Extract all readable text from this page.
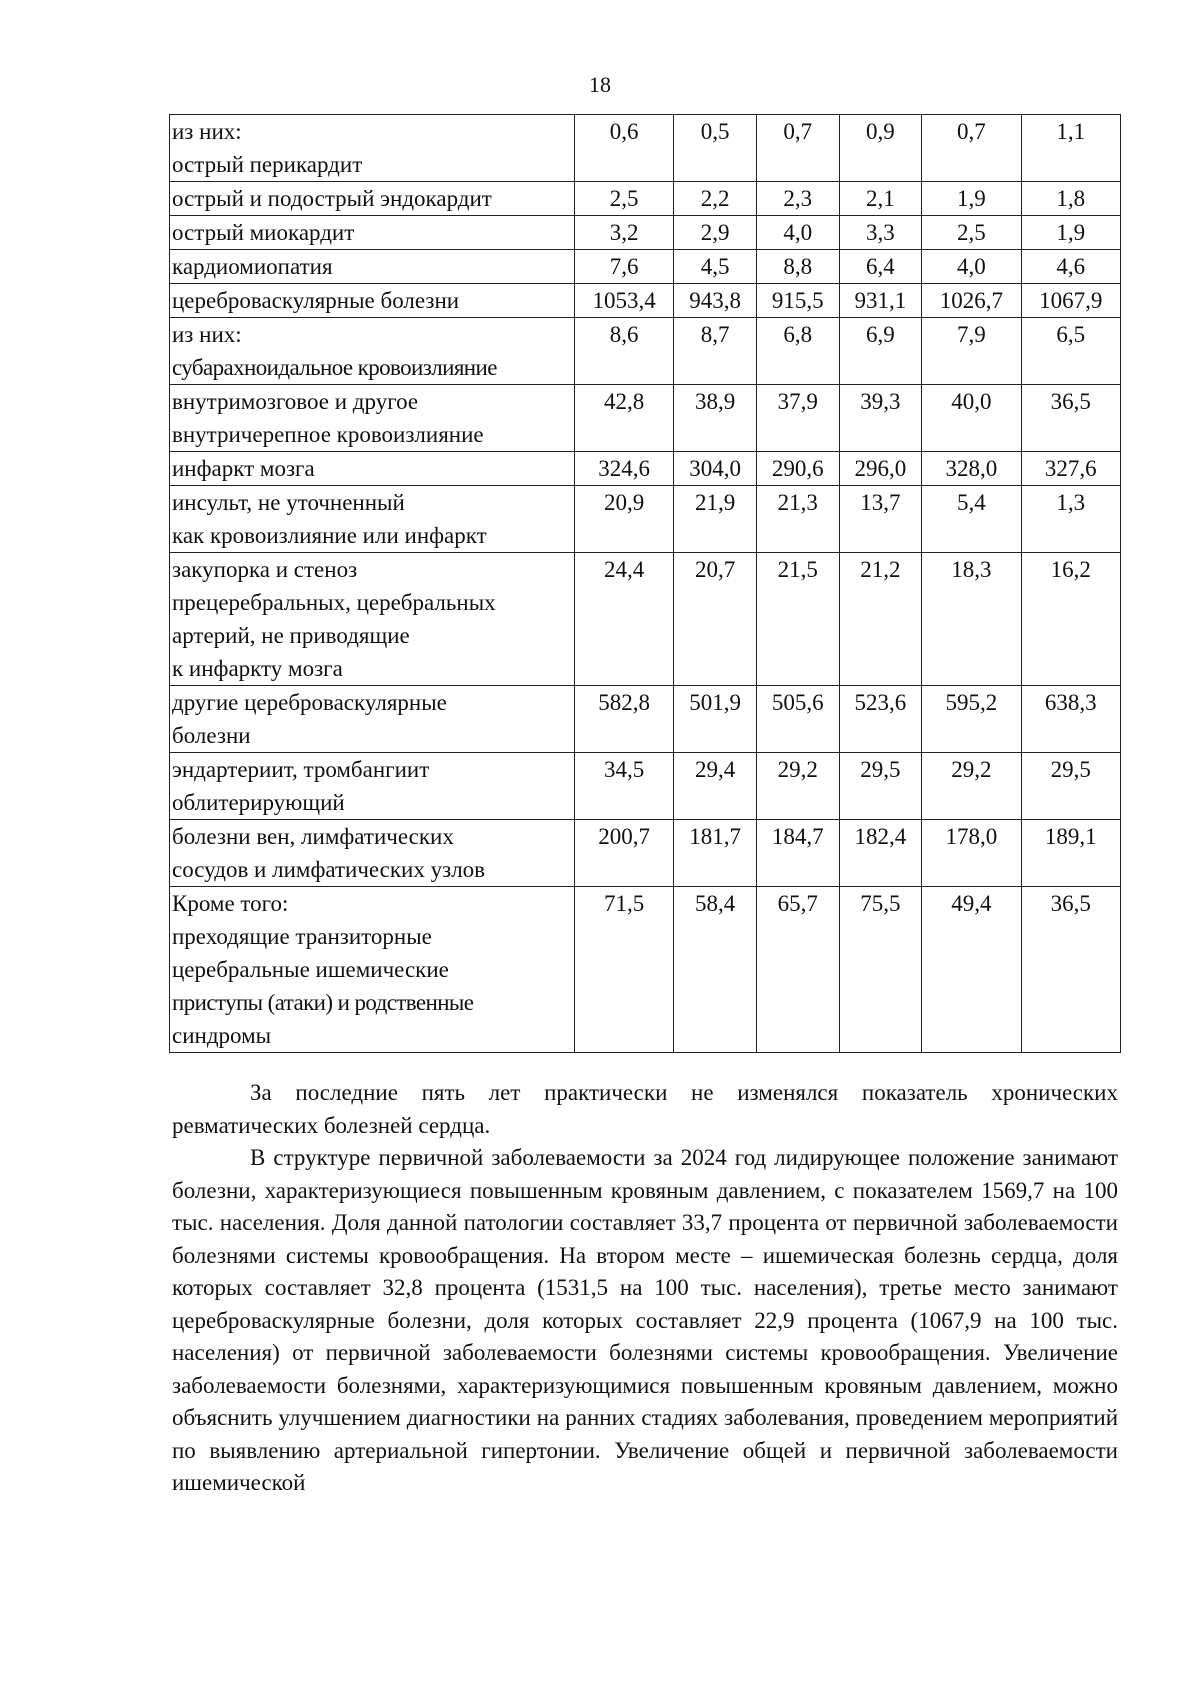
18
из них:
острый перикардит	0,6	0,5	0,7	0,9	0,7	1,1

острый и подострый эндокардит	2,5	2,2	2,3	2,1	1,9	1,8

острый миокардит	3,2	2,9	4,0	3,3	2,5	1,9

кардиомиопатия	7,6	4,5	8,8	6,4	4,0	4,6

цереброваскулярные болезни	1053,4	943,8	915,5	931,1	1026,7	1067,9

из них:
субарахноидальное кровоизлияние	8,6	8,7	6,8	6,9	7,9	6,5

внутримозговое и другое
внутричерепное кровоизлияние	42,8	38,9	37,9	39,3	40,0	36,5

инфаркт мозга	324,6	304,0	290,6	296,0	328,0	327,6

инсульт, не уточненный
как кровоизлияние или инфаркт	20,9	21,9	21,3	13,7	5,4	1,3

закупорка и стеноз
прецеребральных, церебральных
артерий, не приводящие
к инфаркту мозга	24,4	20,7	21,5	21,2	18,3	16,2

другие цереброваскулярные
болезни	582,8	501,9	505,6	523,6	595,2	638,3

эндартериит, тромбангиит
облитерирующий	34,5	29,4	29,2	29,5	29,2	29,5

болезни вен, лимфатических
сосудов и лимфатических узлов	200,7	181,7	184,7	182,4	178,0	189,1

Кроме того:
преходящие транзиторные
церебральные ишемические
приступы (атаки) и родственные
синдромы	71,5	58,4	65,7	75,5	49,4	36,5

За последние пять лет практически не изменялся показатель хронических ревматических болезней сердца.

В структуре первичной заболеваемости за 2024 год лидирующее положение занимают болезни, характеризующиеся повышенным кровяным давлением, с показателем 1569,7 на 100 тыс. населения. Доля данной патологии составляет 33,7 процента от первичной заболеваемости болезнями системы кровообращения. На втором месте – ишемическая болезнь сердца, доля которых составляет 32,8 процента (1531,5 на 100 тыс. населения), третье место занимают цереброваскулярные болезни, доля которых составляет 22,9 процента (1067,9 на 100 тыс. населения) от первичной заболеваемости болезнями системы кровообращения. Увеличение заболеваемости болезнями, характеризующимися повышенным кровяным давлением, можно объяснить улучшением диагностики на ранних стадиях заболевания, проведением мероприятий по выявлению артериальной гипертонии. Увеличение общей и первичной заболеваемости ишемической
